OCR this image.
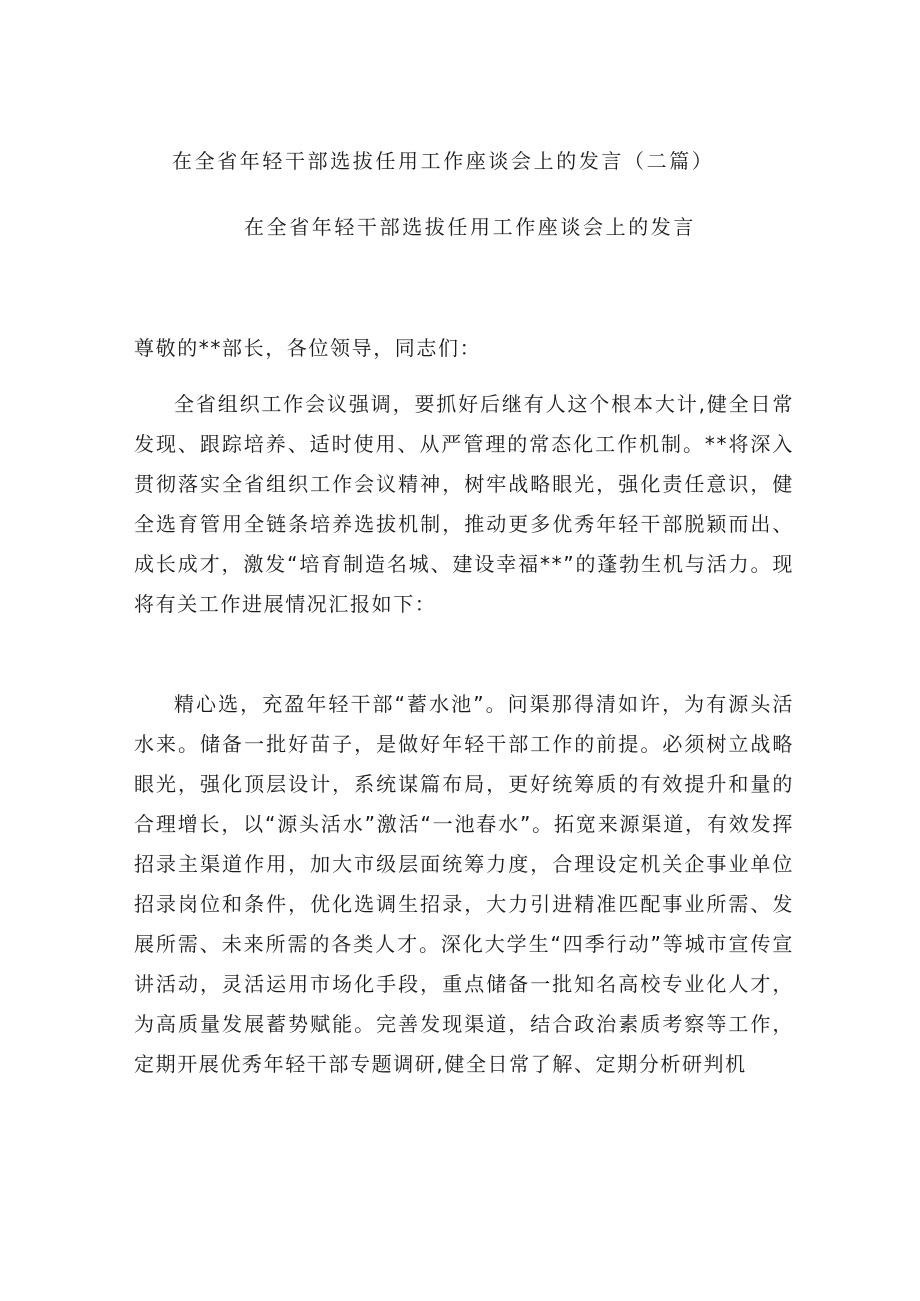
在全省年轻干部选拔任用工作座谈会上的发言（二篇）
在全省年轻干部选拔任用工作座谈会上的发言
尊敬的**部长，各位领导，同志们：
全省组织工作会议强调，要抓好后继有人这个根本大计,健全日常发现、跟踪培养、适时使用、从严管理的常态化工作机制。**将深入贯彻落实全省组织工作会议精神，树牢战略眼光，强化责任意识，健全选育管用全链条培养选拔机制，推动更多优秀年轻干部脱颖而出、成长成才，激发“培育制造名城、建设幸福**”的蓬勃生机与活力。现将有关工作进展情况汇报如下：
精心选，充盈年轻干部“蓄水池”。问渠那得清如许，为有源头活水来。储备一批好苗子，是做好年轻干部工作的前提。必须树立战略眼光，强化顶层设计，系统谋篇布局，更好统筹质的有效提升和量的合理增长，以“源头活水”激活“一池春水”。拓宽来源渠道，有效发挥招录主渠道作用，加大市级层面统筹力度，合理设定机关企事业单位招录岗位和条件，优化选调生招录，大力引进精准匹配事业所需、发展所需、未来所需的各类人才。深化大学生“四季行动”等城市宣传宣讲活动，灵活运用市场化手段，重点储备一批知名高校专业化人才，为高质量发展蓄势赋能。完善发现渠道，结合政治素质考察等工作，定期开展优秀年轻干部专题调研,健全日常了解、定期分析研判机
